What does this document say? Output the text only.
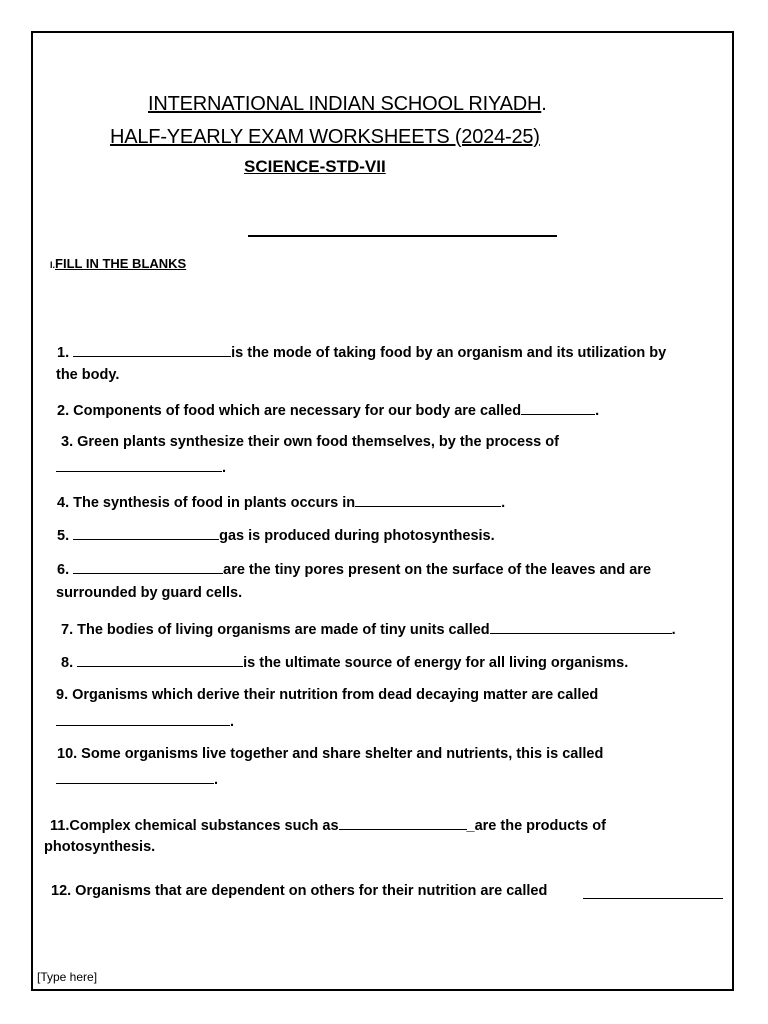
INTERNATIONAL INDIAN SCHOOL RIYADH.
HALF-YEARLY EXAM WORKSHEETS (2024-25)
SCIENCE-STD-VII
I.FILL IN THE BLANKS
1.	is the mode of taking food by an organism and its utilization by
the body.
2. Components of food which are necessary for our body are called	.
3. Green plants synthesize their own food themselves, by the process of
.
4. The synthesis of food in plants occurs in	.
5.	gas is produced during photosynthesis.
6.	are the tiny pores present on the surface of the leaves and are
surrounded by guard cells.
7. The bodies of living organisms are made of tiny units called	.
8.	is the ultimate source of energy for all living organisms.
9. Organisms which derive their nutrition from dead decaying matter are called
.
10. Some organisms live together and share shelter and nutrients, this is called
.
11.Complex chemical substances such as	_are the products of
photosynthesis.
12. Organisms that are dependent on others for their nutrition are called
[Type here]
